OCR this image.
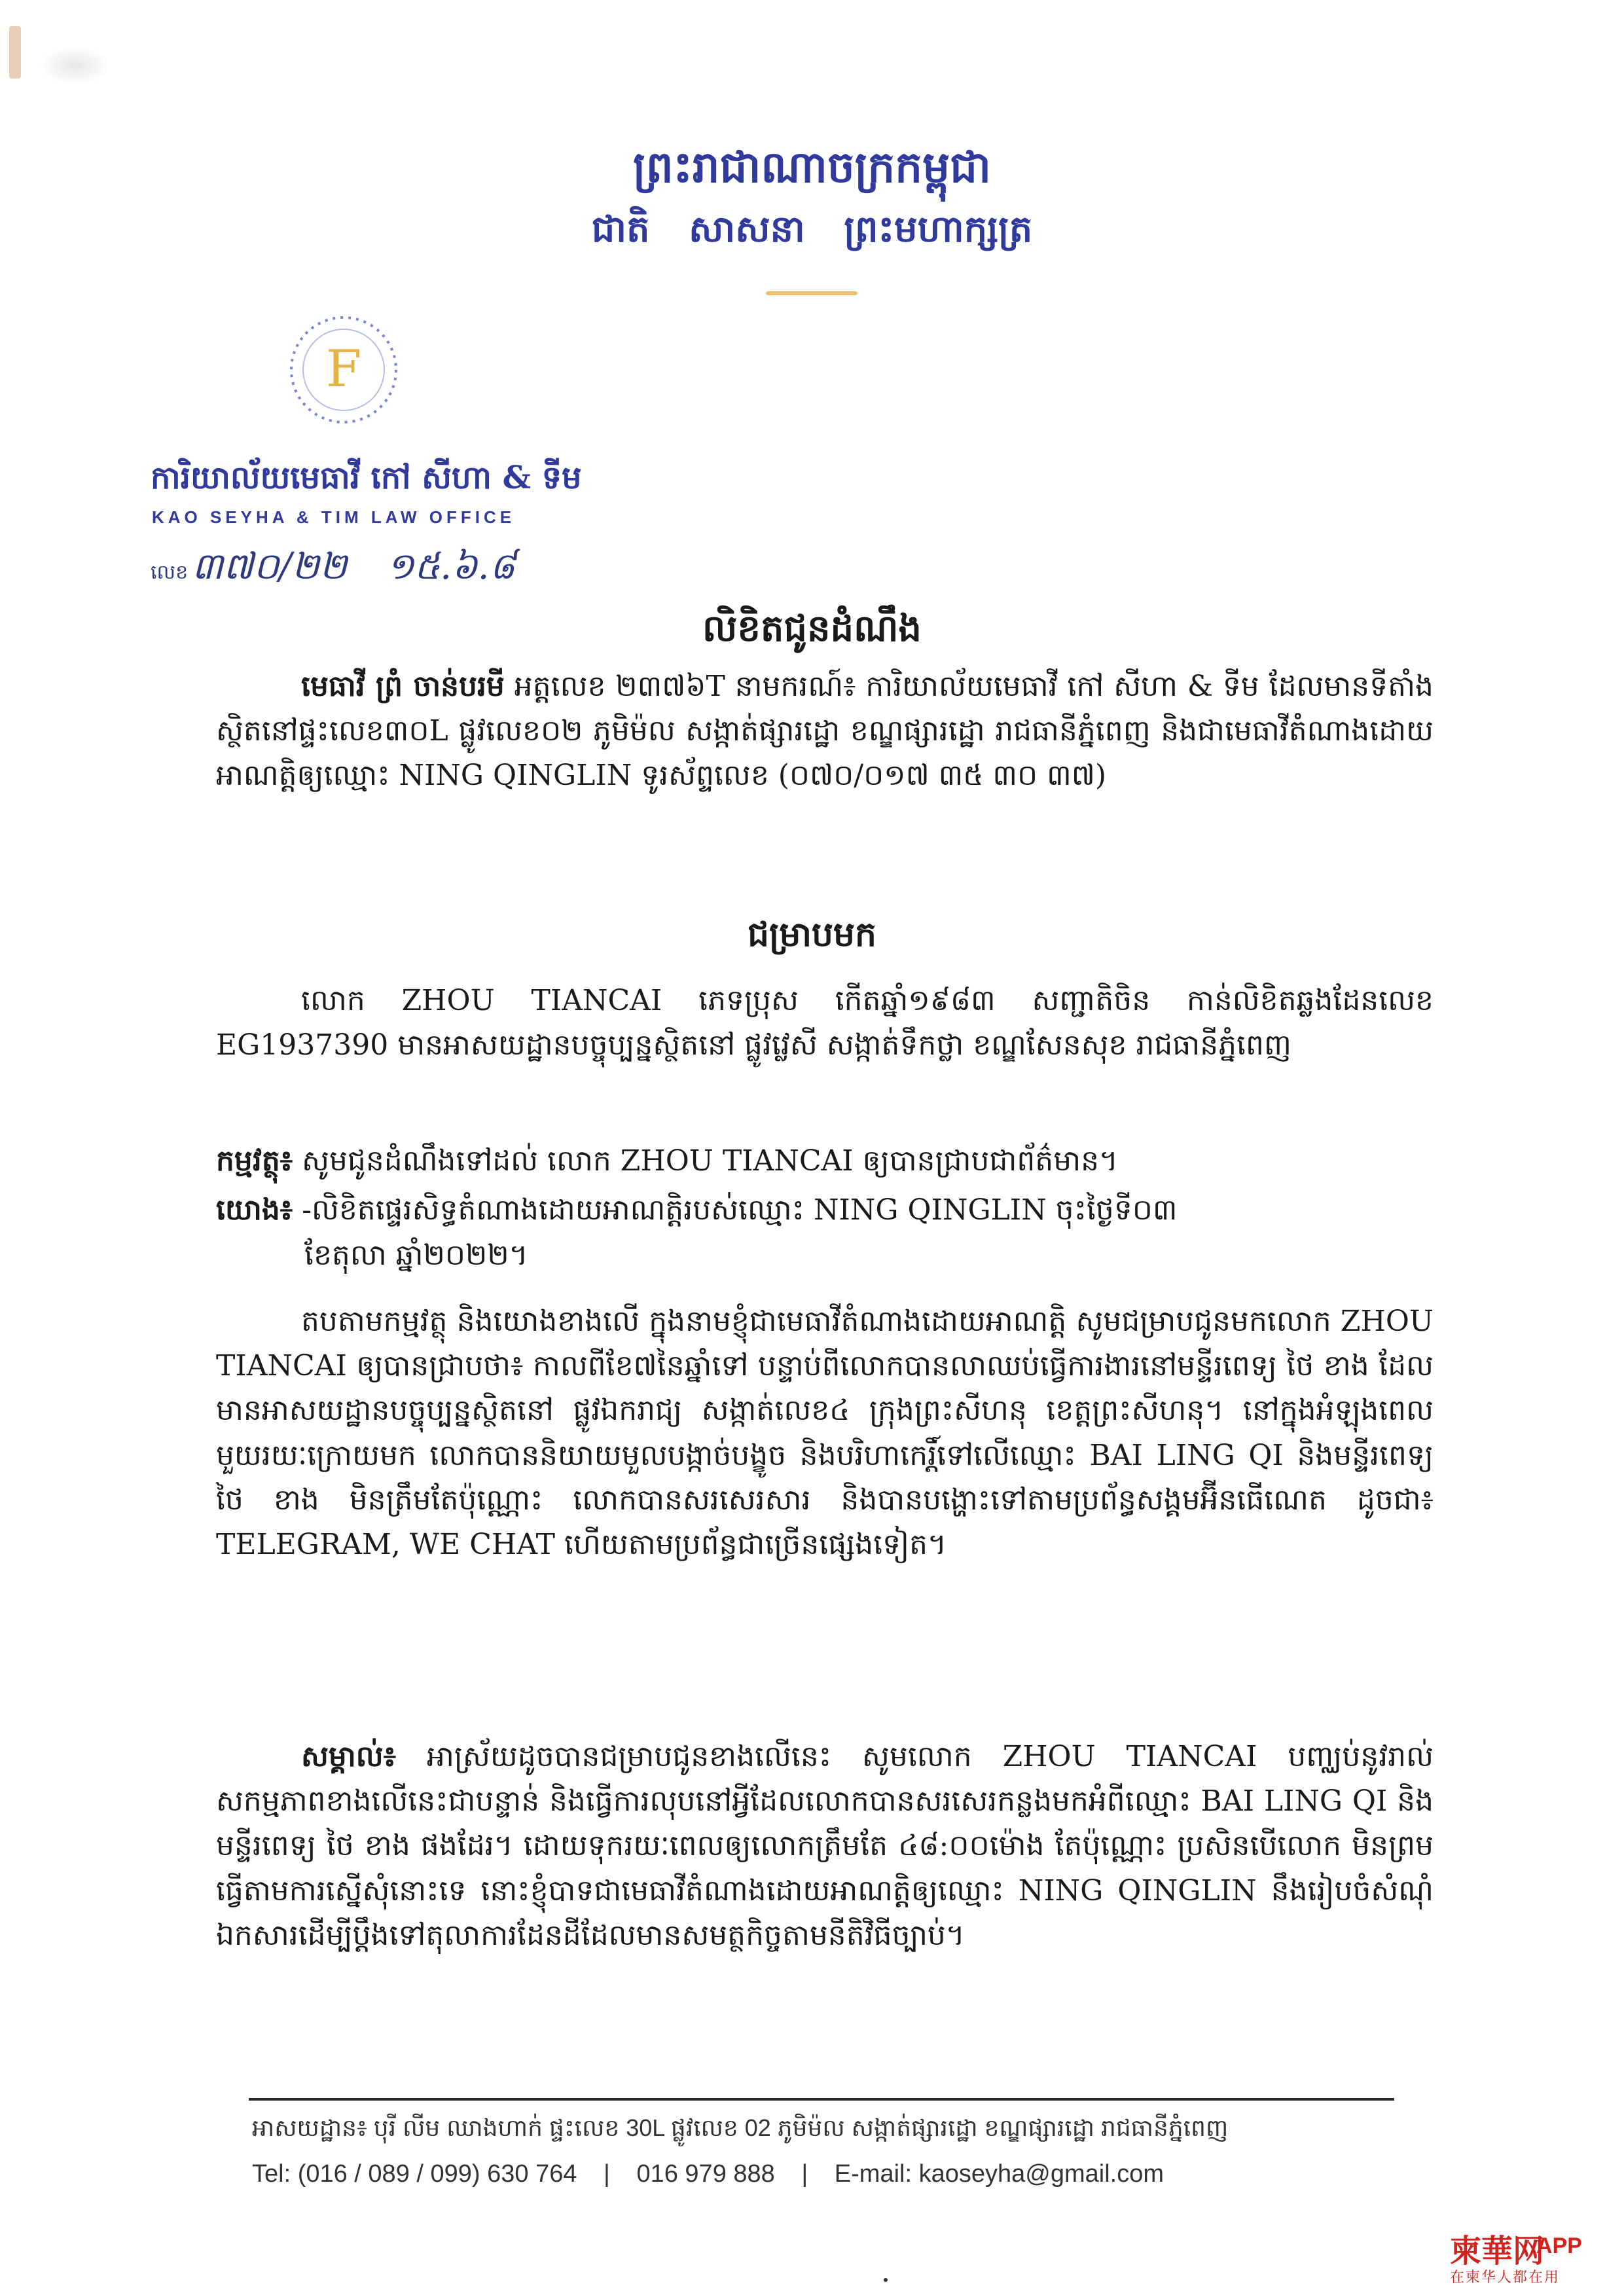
ព្រះរាជាណាចក្រកម្ពុជា
ជាតិ សាសនា ព្រះមហាក្សត្រ
F
ការិយាល័យមេធាវី កៅ សីហា & ទីម
KAO SEYHA & TIM LAW OFFICE
លេខ ៣៧០/២២ ១៥.៦.៨
លិខិតជូនដំណឹង
មេធាវី ព្រំ ចាន់បរមី អត្តលេខ ២៣៧៦T នាមករណ៍៖ ការិយាល័យមេធាវី កៅ សីហា & ទីម ដែលមានទីតាំងស្ថិតនៅផ្ទះលេខ៣០L ផ្លូវលេខ០២ ភូមិម៉ល សង្កាត់ផ្សារដ្ឋោ ខណ្ឌផ្សារដ្ឋោ រាជធានីភ្នំពេញ និងជាមេធាវីតំណាងដោយអាណត្តិឲ្យឈ្មោះ NING QINGLIN ទូរស័ព្ទលេខ (០៧០/០១៧ ៣៥ ៣០ ៣៧)
ជម្រាបមក
លោក ZHOU TIANCAI ភេទប្រុស កើតឆ្នាំ១៩៨៣ សញ្ជាតិចិន កាន់លិខិតឆ្លងដែនលេខ EG1937390 មានអាសយដ្ឋានបច្ចុប្បន្នស្ថិតនៅ ផ្លូវវេ្លសី សង្កាត់ទឹកថ្លា ខណ្ឌសែនសុខ រាជធានីភ្នំពេញ
កម្មវត្ថុ៖ សូមជូនដំណឹងទៅដល់ លោក ZHOU TIANCAI ឲ្យបានជ្រាបជាព័ត៌មាន។
យោង៖ -លិខិតផ្ទេរសិទ្ធតំណាងដោយអាណត្តិរបស់ឈ្មោះ NING QINGLIN ចុះថ្ងៃទី០៣
ខែតុលា ឆ្នាំ២០២២។
តបតាមកម្មវត្ថុ និងយោងខាងលើ ក្នុងនាមខ្ញុំជាមេធាវីតំណាងដោយអាណត្តិ សូមជម្រាបជូនមកលោក ZHOU TIANCAI ឲ្យបានជ្រាបថា៖ កាលពីខែ៧នៃឆ្នាំទៅ បន្ទាប់ពីលោកបានលាឈប់ធ្វើការងារនៅមន្ទីរពេទ្យ ថៃ ខាង ដែលមានអាសយដ្ឋានបច្ចុប្បន្នស្ថិតនៅ ផ្លូវឯករាជ្យ សង្កាត់លេខ៤ ក្រុងព្រះសីហនុ ខេត្តព្រះសីហនុ។ នៅក្នុងអំឡុងពេលមួយរយៈក្រោយមក លោកបាននិយាយមួលបង្កាច់បង្ខូច និងបរិហាកេរ្តិ៍ទៅលើឈ្មោះ BAI LING QI និងមន្ទីរពេទ្យ ថៃ ខាង មិនត្រឹមតែប៉ុណ្ណោះ លោកបានសរសេរសារ និងបានបង្ហោះទៅតាមប្រព័ន្ធសង្គមអ៊ីនធើណេត ដូចជា៖ TELEGRAM, WE CHAT ហើយតាមប្រព័ន្ធជាច្រើនផ្សេងទៀត។
សម្គាល់៖ អាស្រ័យដូចបានជម្រាបជូនខាងលើនេះ សូមលោក ZHOU TIANCAI បញ្ឈប់នូវរាល់សកម្មភាពខាងលើនេះជាបន្ទាន់ និងធ្វើការលុបនៅអ្វីដែលលោកបានសរសេរកន្លងមកអំពីឈ្មោះ BAI LING QI និង មន្ទីរពេទ្យ ថៃ ខាង ផងដែរ។ ដោយទុករយៈពេលឲ្យលោកត្រឹមតែ ៤៨:០០ម៉ោង តែប៉ុណ្ណោះ ប្រសិនបើលោក មិនព្រមធ្វើតាមការស្នើសុំនោះទេ នោះខ្ញុំបាទជាមេធាវីតំណាងដោយអាណត្តិឲ្យឈ្មោះ NING QINGLIN នឹងរៀបចំសំណុំឯកសារដើម្បីប្តឹងទៅតុលាការដែនដីដែលមានសមត្ថកិច្ចតាមនីតិវិធីច្បាប់។
អាសយដ្ឋាន៖ បុរី លីម ឈាងហាក់ ផ្ទះលេខ 30L ផ្លូវលេខ 02 ភូមិម៉ល សង្កាត់ផ្សារដ្ឋោ ខណ្ឌផ្សារដ្ឋោ រាជធានីភ្នំពេញ
Tel: (016 / 089 / 099) 630 764 | 016 979 888 | E-mail: kaoseyha@gmail.com
柬華网
APP
在柬华人都在用
